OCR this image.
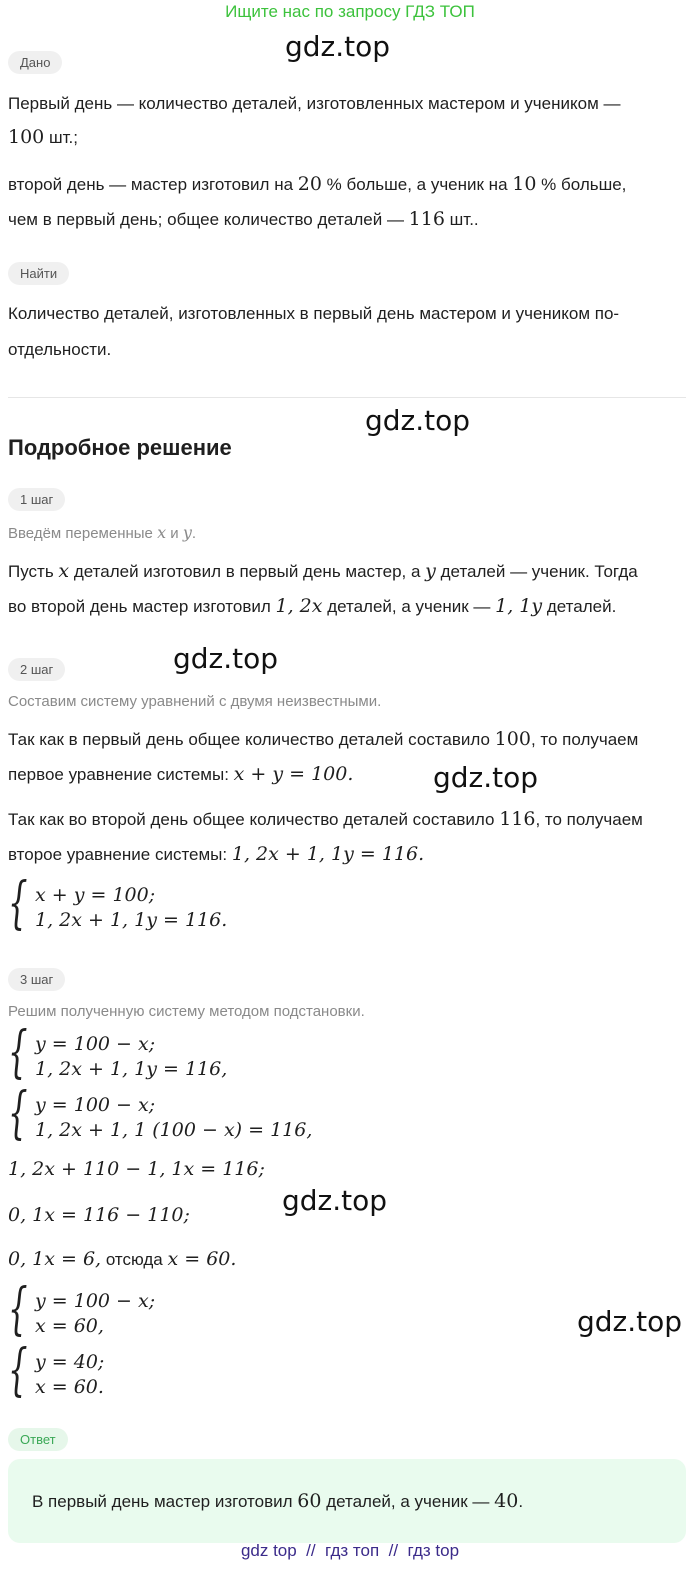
Ищите нас по запросу ГДЗ ТОП
gdz.top
gdz.top
gdz.top
gdz.top
gdz.top
gdz.top
Дано
Первый день — количество деталей, изготовленных мастером и учеником —
100 шт.;
второй день — мастер изготовил на 20 % больше, а ученик на 10 % больше,
чем в первый день; общее количество деталей — 116 шт..
Найти
Количество деталей, изготовленных в первый день мастером и учеником по-
отдельности.
Подробное решение
1 шаг
Введём переменные x и y.
Пусть x деталей изготовил в первый день мастер, а y деталей — ученик. Тогда
во второй день мастер изготовил 1, 2x деталей, а ученик — 1, 1y деталей.
2 шаг
Составим систему уравнений с двумя неизвестными.
Так как в первый день общее количество деталей составило 100, то получаем
первое уравнение системы: x + y = 100.
Так как во второй день общее количество деталей составило 116, то получаем
второе уравнение системы: 1, 2x + 1, 1y = 116.
{ x + y = 100;
1, 2x + 1, 1y = 116.
3 шаг
Решим полученную систему методом подстановки.
{ y = 100 − x;
1, 2x + 1, 1y = 116,
{ y = 100 − x;
1, 2x + 1, 1 (100 − x) = 116,
1, 2x + 110 − 1, 1x = 116;
0, 1x = 116 − 110;
0, 1x = 6, отсюда x = 60.
{ y = 100 − x;
x = 60,
{ y = 40;
x = 60.
Ответ
В первый день мастер изготовил 60 деталей, а ученик — 40.
gdz top  //  гдз топ  //  гдз top
